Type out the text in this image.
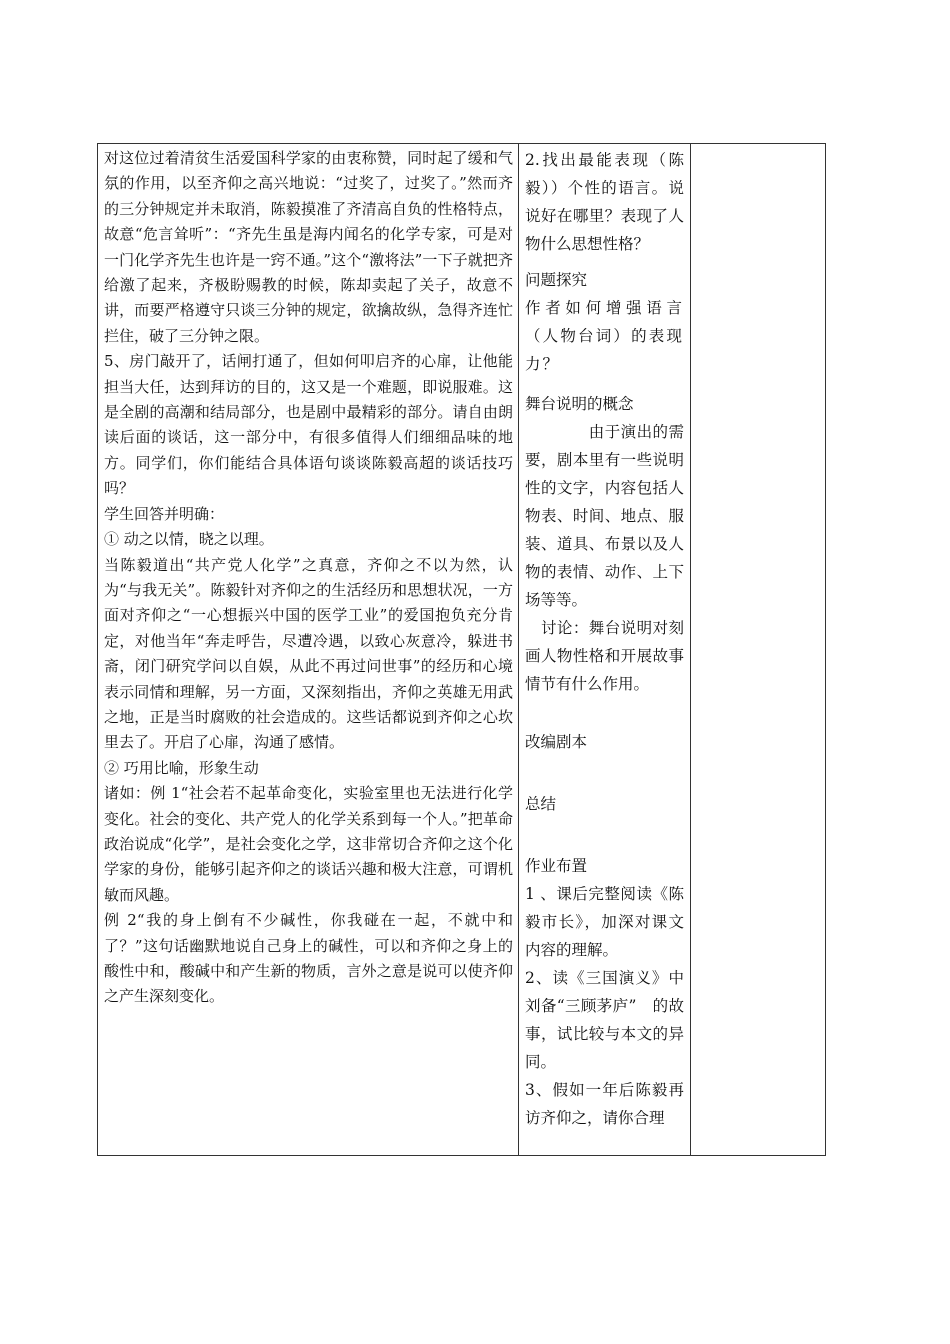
对这位过着清贫生活爱国科学家的由衷称赞，同时起了缓和气氛的作用，以至齐仰之高兴地说：“过奖了，过奖了。”然而齐的三分钟规定并未取消，陈毅摸准了齐清高自负的性格特点，故意“危言耸听”：“齐先生虽是海内闻名的化学专家，可是对一门化学齐先生也许是一窍不通。”这个“激将法”一下子就把齐给激了起来，齐极盼赐教的时候，陈却卖起了关子，故意不讲，而要严格遵守只谈三分钟的规定，欲擒故纵，急得齐连忙拦住，破了三分钟之限。

5、房门敲开了，话闸打通了，但如何叩启齐的心扉，让他能担当大任，达到拜访的目的，这又是一个难题，即说服难。这是全剧的高潮和结局部分，也是剧中最精彩的部分。请自由朗读后面的谈话，这一部分中，有很多值得人们细细品味的地方。同学们，你们能结合具体语句谈谈陈毅高超的谈话技巧吗？

学生回答并明确：

① 动之以情，晓之以理。

当陈毅道出“共产党人化学”之真意，齐仰之不以为然，认为“与我无关”。陈毅针对齐仰之的生活经历和思想状况，一方面对齐仰之“一心想振兴中国的医学工业”的爱国抱负充分肯定，对他当年“奔走呼告，尽遭冷遇，以致心灰意冷，躲进书斋，闭门研究学问以自娱，从此不再过问世事”的经历和心境表示同情和理解，另一方面，又深刻指出，齐仰之英雄无用武之地，正是当时腐败的社会造成的。这些话都说到齐仰之心坎里去了。开启了心扉，沟通了感情。

② 巧用比喻，形象生动

诸如：例 1“社会若不起革命变化，实验室里也无法进行化学变化。社会的变化、共产党人的化学关系到每一个人。”把革命政治说成“化学”，是社会变化之学，这非常切合齐仰之这个化学家的身份，能够引起齐仰之的谈话兴趣和极大注意，可谓机敏而风趣。

例 2“我的身上倒有不少碱性，你我碰在一起，不就中和了？”这句话幽默地说自己身上的碱性，可以和齐仰之身上的酸性中和，酸碱中和产生新的物质，言外之意是说可以使齐仰之产生深刻变化。

2.找出最能表现（陈毅））个性的语言。说说好在哪里？表现了人物什么思想性格？

问题探究

作者如何增强语言（人物台词）的表现力？

舞台说明的概念

　　　　由于演出的需要，剧本里有一些说明性的文字，内容包括人物表、时间、地点、服装、道具、布景以及人物的表情、动作、上下场等等。

　讨论：舞台说明对刻画人物性格和开展故事情节有什么作用。

改编剧本

总结

作业布置

1 、课后完整阅读《陈毅市长》，加深对课文内容的理解。

2、读《三国演义》中刘备“三顾茅庐”　的故事，试比较与本文的异同。

3、假如一年后陈毅再访齐仰之，请你合理
